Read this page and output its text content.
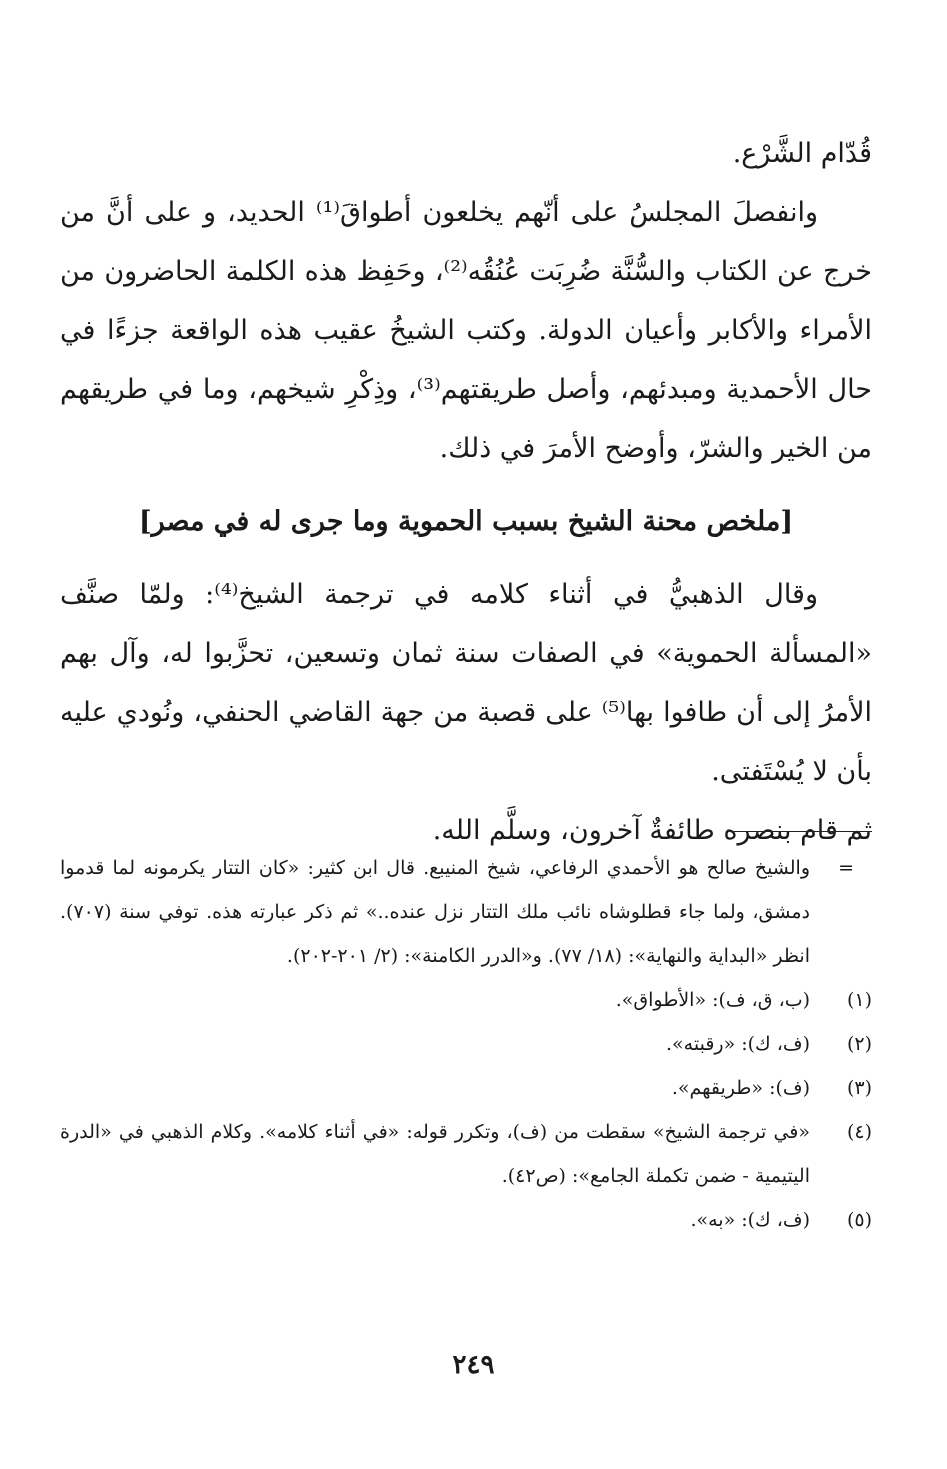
قُدّام الشَّرْع.

وانفصلَ المجلسُ على أنّهم يخلعون أطواقَ⁽¹⁾ الحديد، و على أنَّ من خرج عن الكتاب والسُّنَّة ضُرِبَت عُنُقُه⁽²⁾، وحَفِظ هذه الكلمة الحاضرون من الأمراء والأكابر وأعيان الدولة. وكتب الشيخُ عقيب هذه الواقعة جزءًا في حال الأحمدية ومبدئهم، وأصل طريقتهم⁽³⁾، وذِكْرِ شيخهم، وما في طريقهم من الخير والشرّ، وأوضح الأمرَ في ذلك.

[ملخص محنة الشيخ بسبب الحموية وما جرى له في مصر]

وقال الذهبيُّ في أثناء كلامه في ترجمة الشيخ⁽⁴⁾: ولمّا صنَّف «المسألة الحموية» في الصفات سنة ثمان وتسعين، تحزَّبوا له، وآل بهم الأمرُ إلى أن طافوا بها⁽⁵⁾ على قصبة من جهة القاضي الحنفي، ونُودي عليه بأن لا يُسْتَفتى.

ثم قام بنصره طائفةٌ آخرون، وسلَّم الله.

=
والشيخ صالح هو الأحمدي الرفاعي، شيخ المنيبع. قال ابن كثير: «كان التتار يكرمونه لما قدموا دمشق، ولما جاء قطلوشاه نائب ملك التتار نزل عنده..» ثم ذكر عبارته هذه. توفي سنة (٧٠٧). انظر «البداية والنهاية»: (١٨/ ٧٧). و«الدرر الكامنة»: (٢/ ٢٠١-٢٠٢).
(١)
(ب، ق، ف): «الأطواق».
(٢)
(ف، ك): «رقبته».
(٣)
(ف): «طريقهم».
(٤)
«في ترجمة الشيخ» سقطت من (ف)، وتكرر قوله: «في أثناء كلامه». وكلام الذهبي في «الدرة اليتيمية - ضمن تكملة الجامع»: (ص٤٢).
(٥)
(ف، ك): «به».
٢٤٩
